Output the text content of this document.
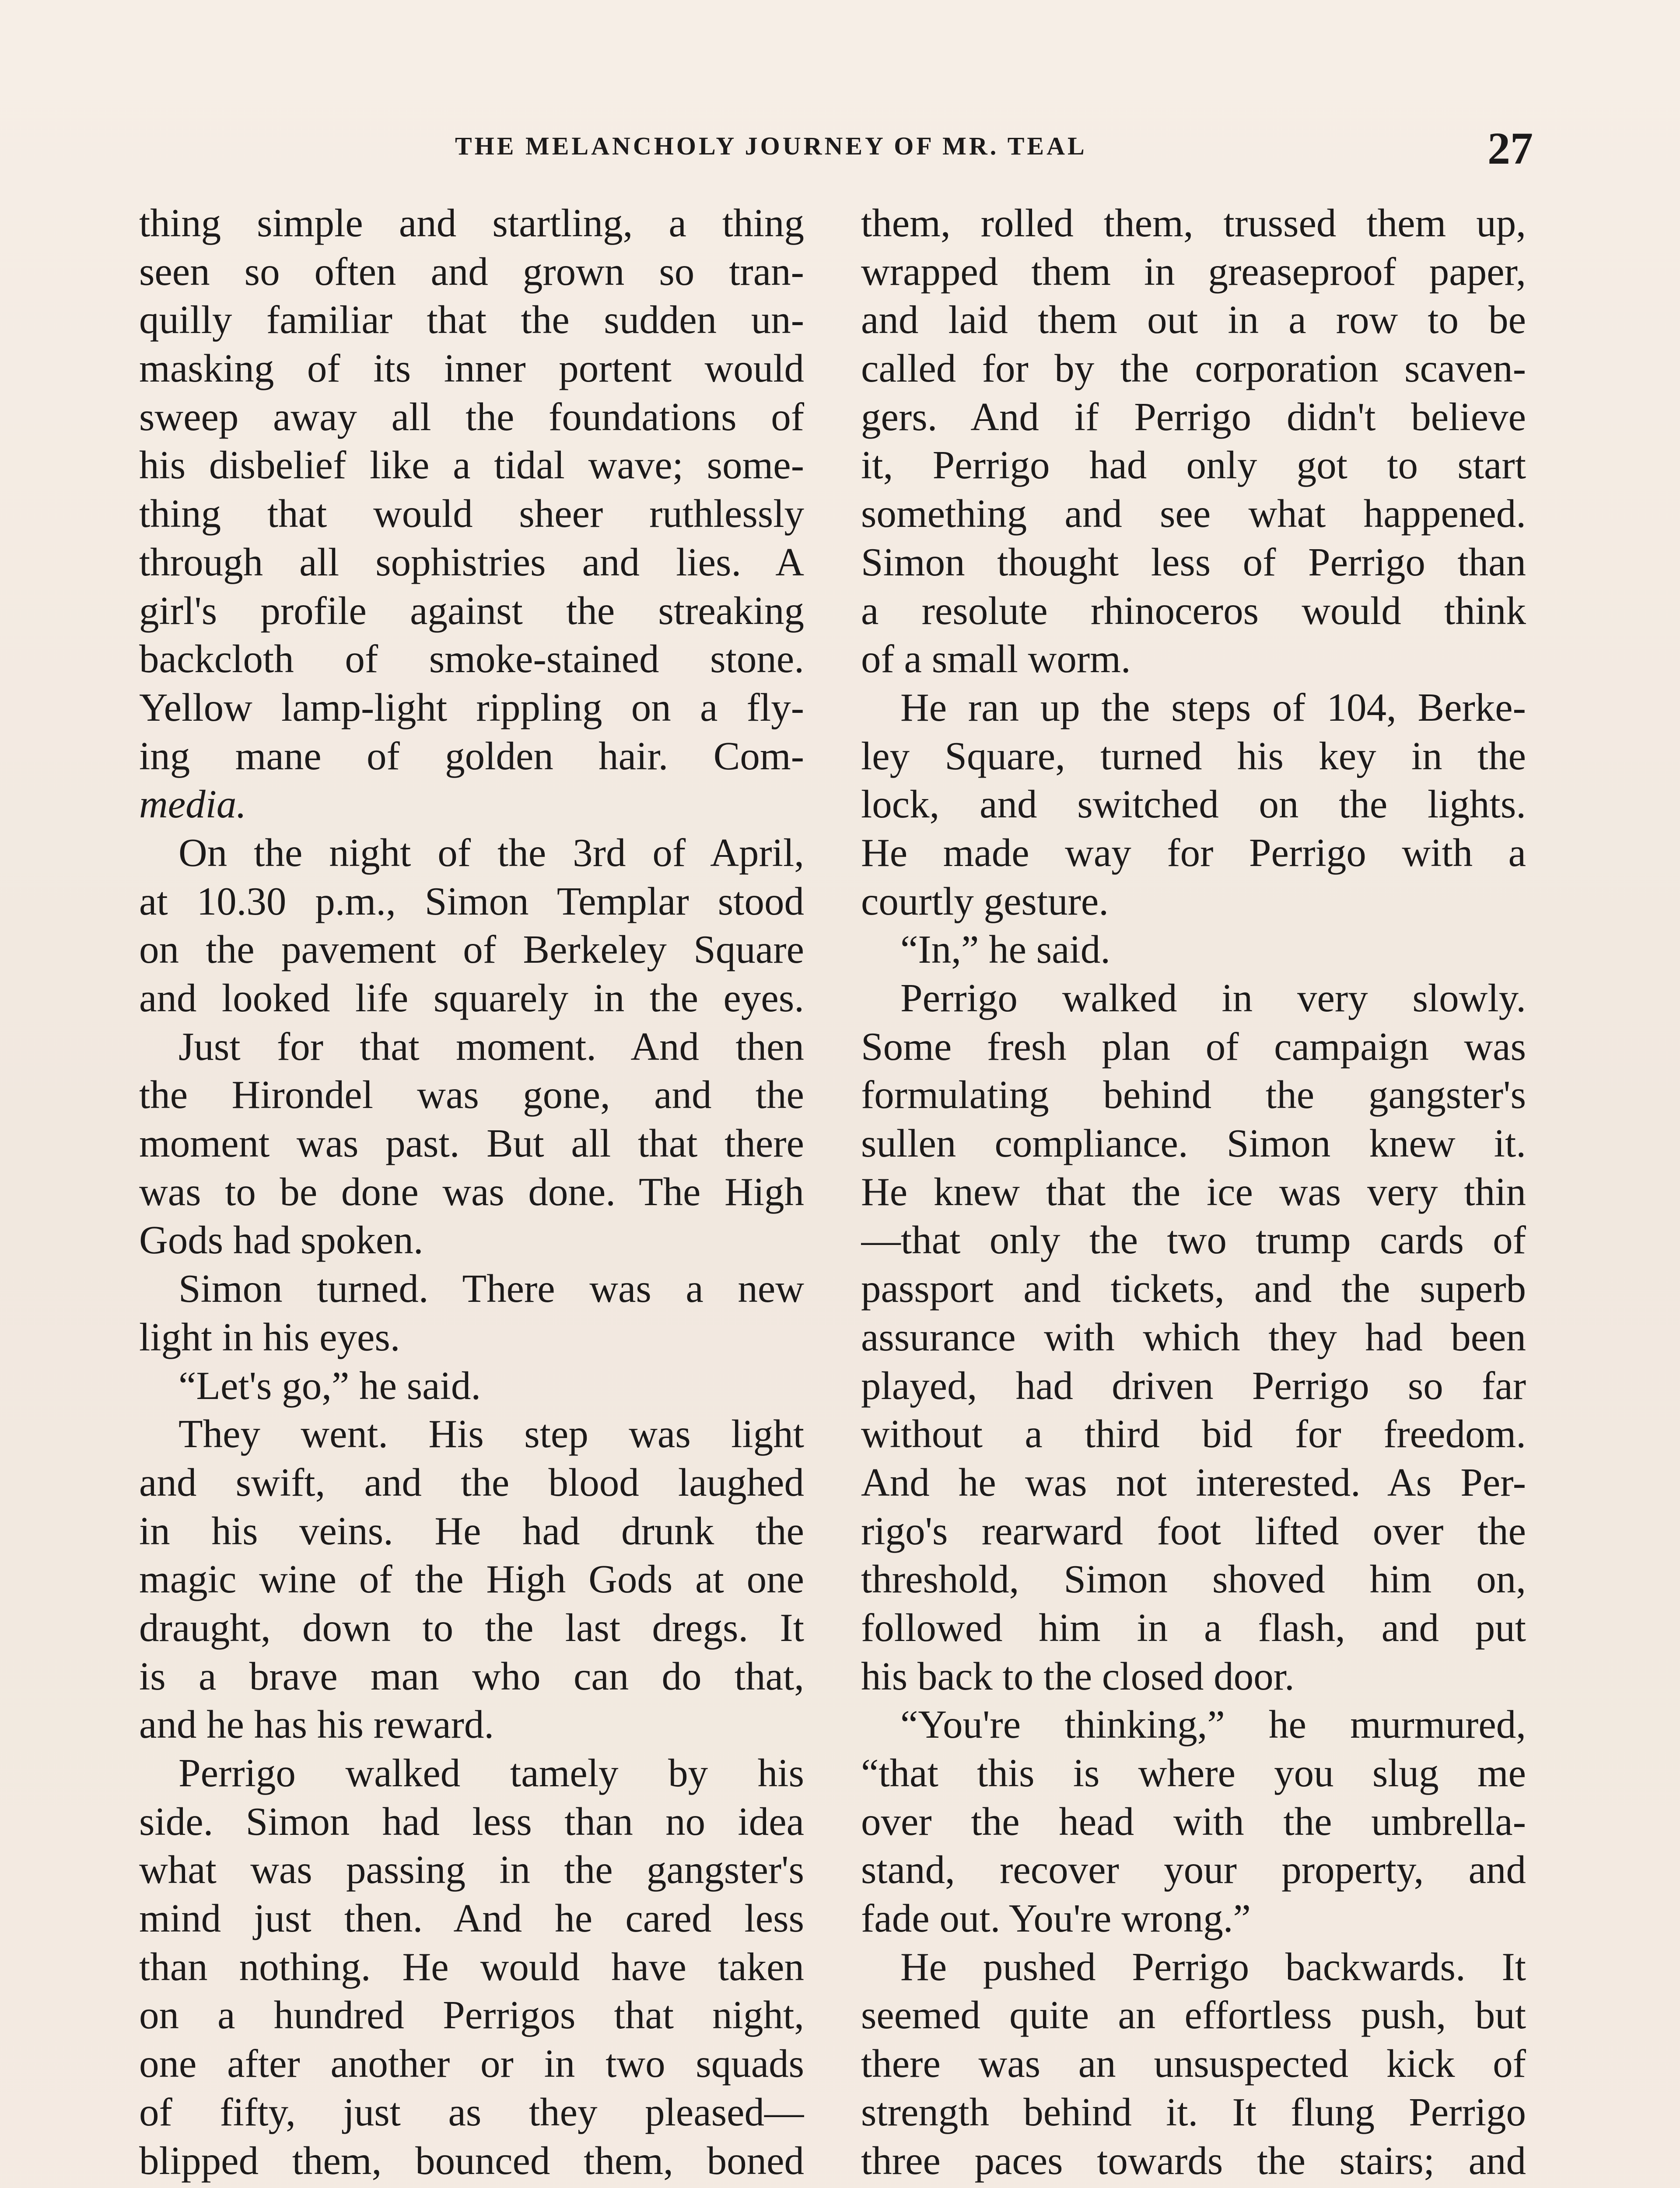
THE MELANCHOLY JOURNEY OF MR. TEAL	27
thing simple and startling, a thing
seen so often and grown so tran-
quilly familiar that the sudden un-
masking of its inner portent would
sweep away all the foundations of
his disbelief like a tidal wave; some-
thing that would sheer ruthlessly
through all sophistries and lies. A
girl's profile against the streaking
backcloth of smoke-stained stone.
Yellow lamp-light rippling on a fly-
ing mane of golden hair. Com-
media.
On the night of the 3rd of April,
at 10.30 p.m., Simon Templar stood
on the pavement of Berkeley Square
and looked life squarely in the eyes.
Just for that moment. And then
the Hirondel was gone, and the
moment was past. But all that there
was to be done was done. The High
Gods had spoken.
Simon turned. There was a new
light in his eyes.
“Let's go,” he said.
They went. His step was light
and swift, and the blood laughed
in his veins. He had drunk the
magic wine of the High Gods at one
draught, down to the last dregs. It
is a brave man who can do that,
and he has his reward.
Perrigo walked tamely by his
side. Simon had less than no idea
what was passing in the gangster's
mind just then. And he cared less
than nothing. He would have taken
on a hundred Perrigos that night,
one after another or in two squads
of fifty, just as they pleased—
blipped them, bounced them, boned
them, rolled them, trussed them up,
wrapped them in greaseproof paper,
and laid them out in a row to be
called for by the corporation scaven-
gers. And if Perrigo didn't believe
it, Perrigo had only got to start
something and see what happened.
Simon thought less of Perrigo than
a resolute rhinoceros would think
of a small worm.
He ran up the steps of 104, Berke-
ley Square, turned his key in the
lock, and switched on the lights.
He made way for Perrigo with a
courtly gesture.
“In,” he said.
Perrigo walked in very slowly.
Some fresh plan of campaign was
formulating behind the gangster's
sullen compliance. Simon knew it.
He knew that the ice was very thin
—that only the two trump cards of
passport and tickets, and the superb
assurance with which they had been
played, had driven Perrigo so far
without a third bid for freedom.
And he was not interested. As Per-
rigo's rearward foot lifted over the
threshold, Simon shoved him on,
followed him in a flash, and put
his back to the closed door.
“You're thinking,” he murmured,
“that this is where you slug me
over the head with the umbrella-
stand, recover your property, and
fade out. You're wrong.”
He pushed Perrigo backwards. It
seemed quite an effortless push, but
there was an unsuspected kick of
strength behind it. It flung Perrigo
three paces towards the stairs; and
